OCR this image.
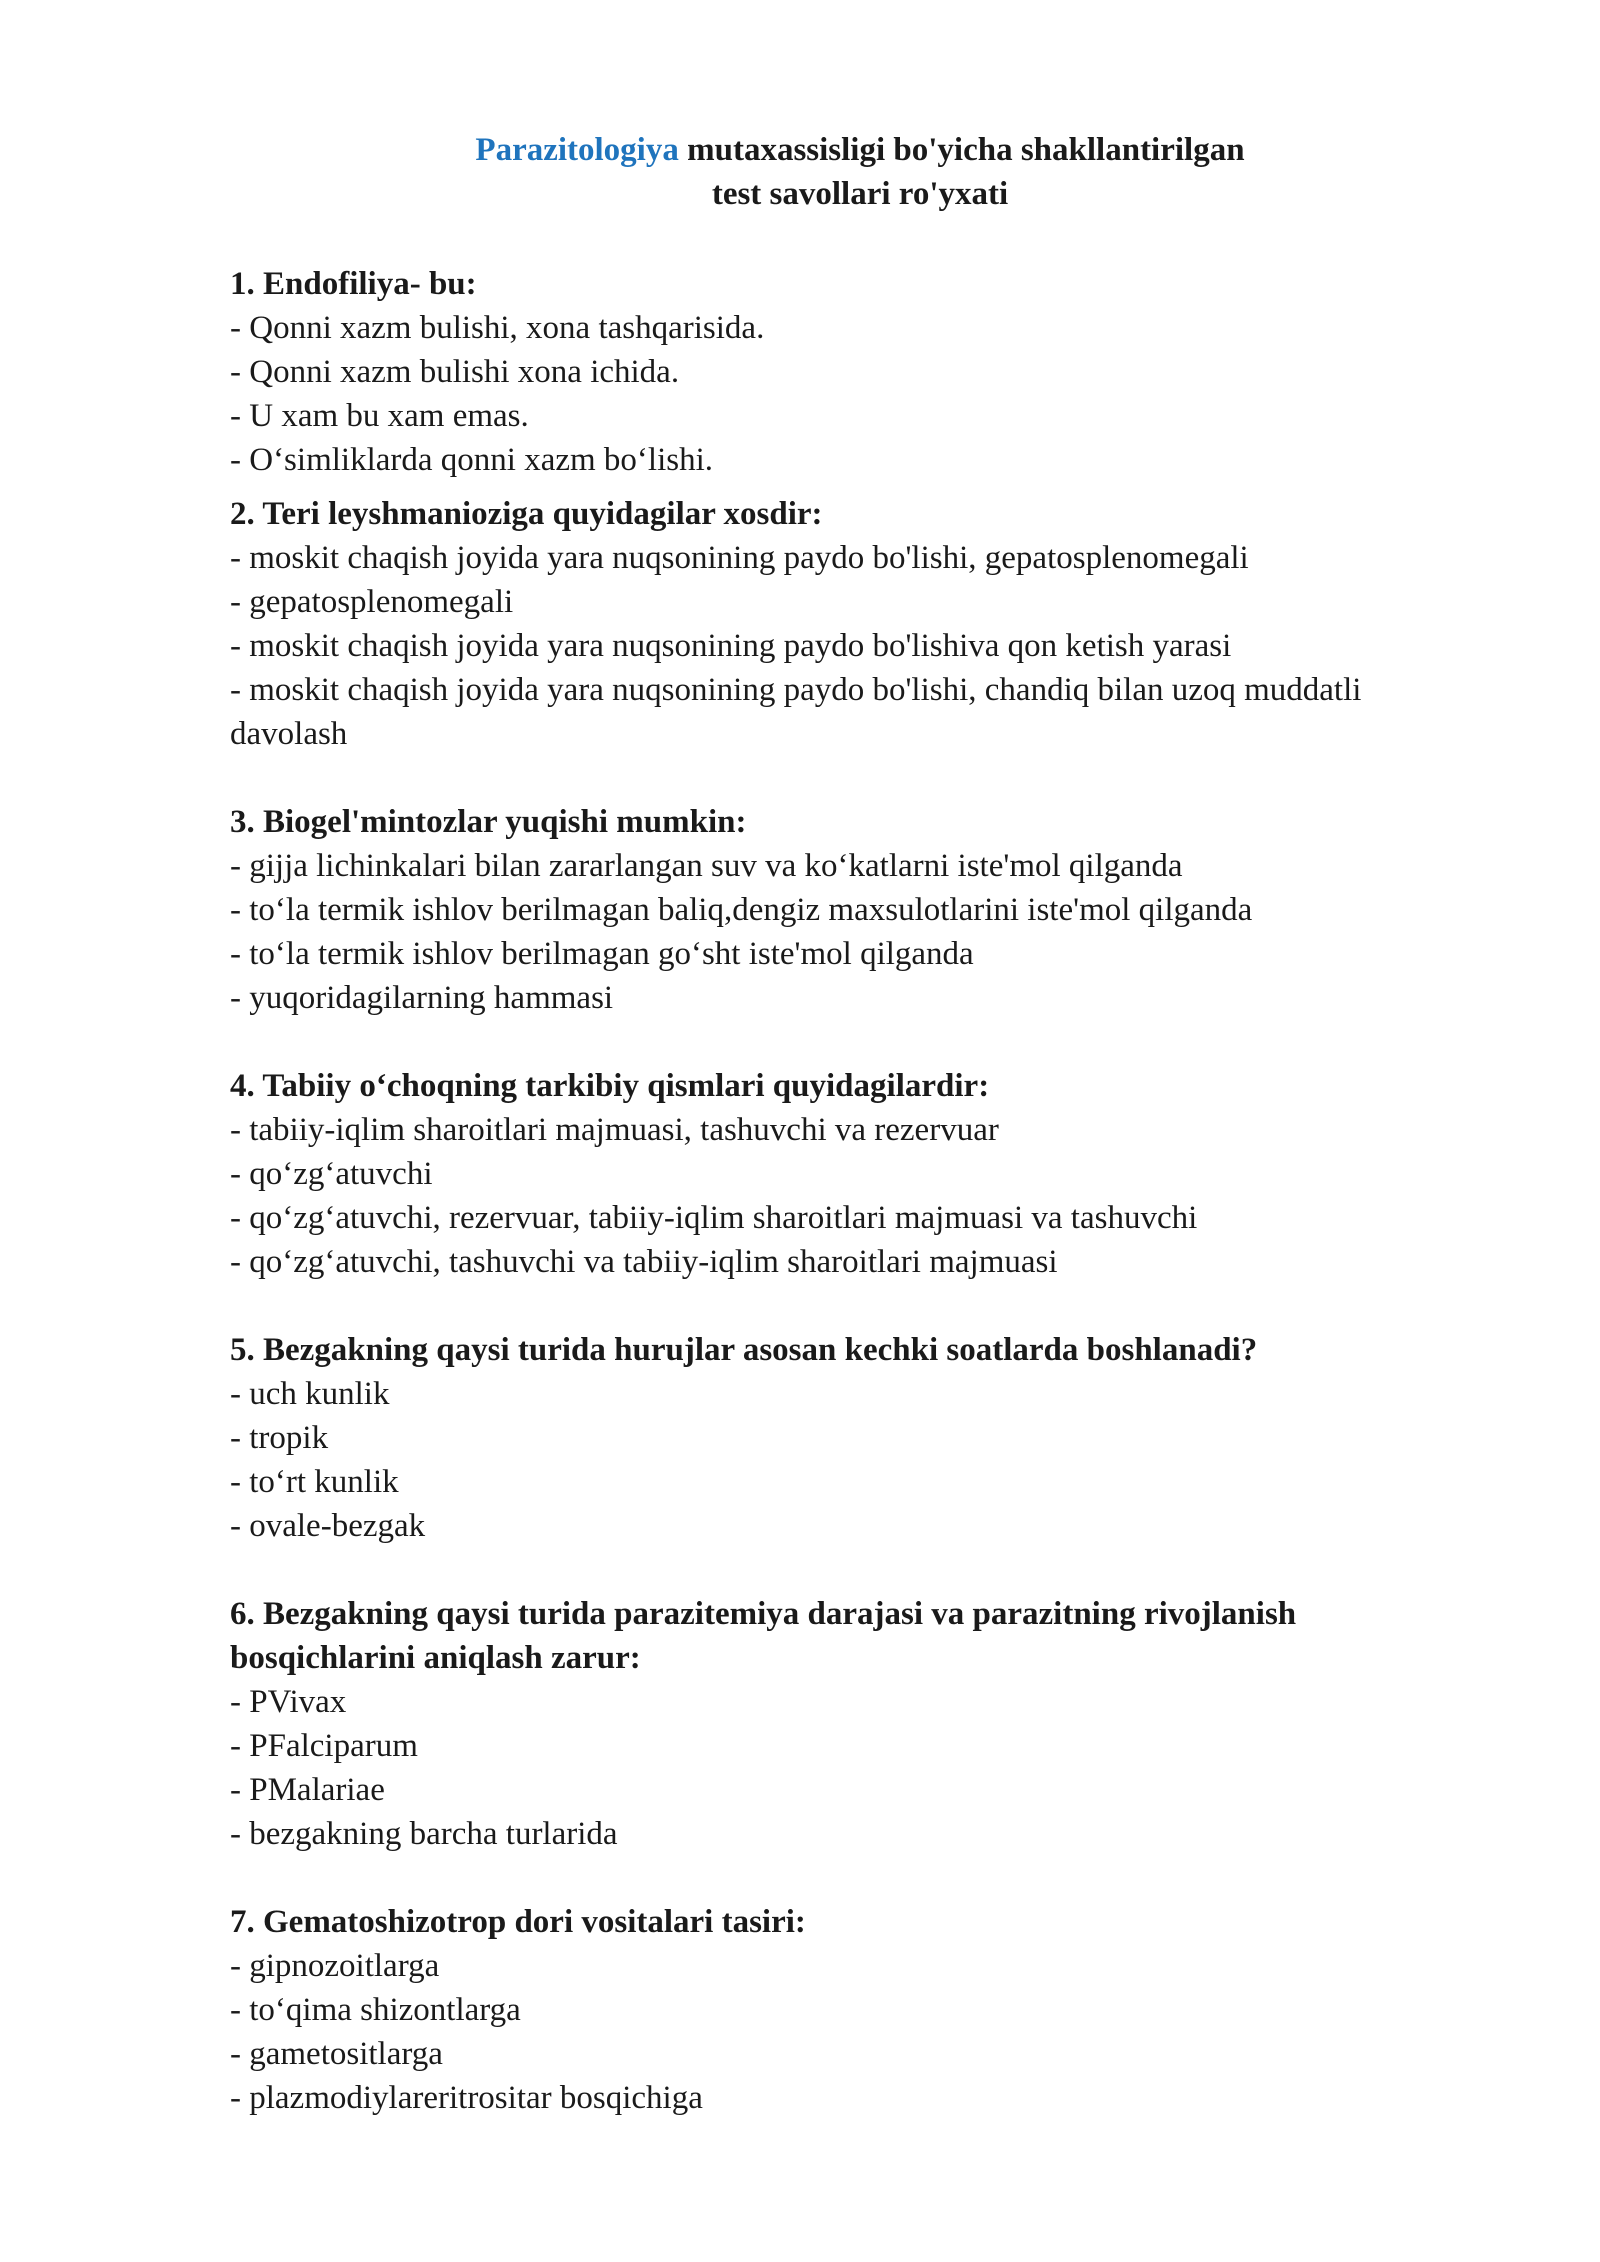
Parazitologiya mutaxassisligi bo'yicha shakllantirilgan
test savollari ro'yxati

1. Endofiliya- bu:

- Qonni xazm bulishi, xona tashqarisida.

- Qonni xazm bulishi xona ichida.

- U xam bu xam emas.

- O‘simliklarda qonni xazm bo‘lishi.

2. Teri leyshmanioziga quyidagilar xosdir:

- moskit chaqish joyida yara nuqsonining paydo bo'lishi, gepatosplenomegali

- gepatosplenomegali

- moskit chaqish joyida yara nuqsonining paydo bo'lishiva qon ketish yarasi

- moskit chaqish joyida yara nuqsonining paydo bo'lishi, chandiq bilan uzoq muddatli davolash

3. Biogel'mintozlar yuqishi mumkin:

- gijja lichinkalari bilan zararlangan suv va ko‘katlarni iste'mol qilganda

- to‘la termik ishlov berilmagan baliq,dengiz maxsulotlarini iste'mol qilganda

- to‘la termik ishlov berilmagan go‘sht iste'mol qilganda

- yuqoridagilarning hammasi

4. Tabiiy o‘choqning tarkibiy qismlari quyidagilardir:

- tabiiy-iqlim sharoitlari majmuasi, tashuvchi va rezervuar

- qo‘zg‘atuvchi

- qo‘zg‘atuvchi, rezervuar, tabiiy-iqlim sharoitlari majmuasi va tashuvchi

- qo‘zg‘atuvchi, tashuvchi va tabiiy-iqlim sharoitlari majmuasi

5. Bezgakning qaysi turida hurujlar asosan kechki soatlarda boshlanadi?

- uch kunlik

- tropik

- to‘rt kunlik

- ovale-bezgak

6. Bezgakning qaysi turida parazitemiya darajasi va parazitning rivojlanish bosqichlarini aniqlash zarur:

- PVivax

- PFalciparum

- PMalariae

- bezgakning barcha turlarida

7. Gematoshizotrop dori vositalari tasiri:

- gipnozoitlarga

- to‘qima shizontlarga

- gametositlarga

- plazmodiylareritrositar bosqichiga
